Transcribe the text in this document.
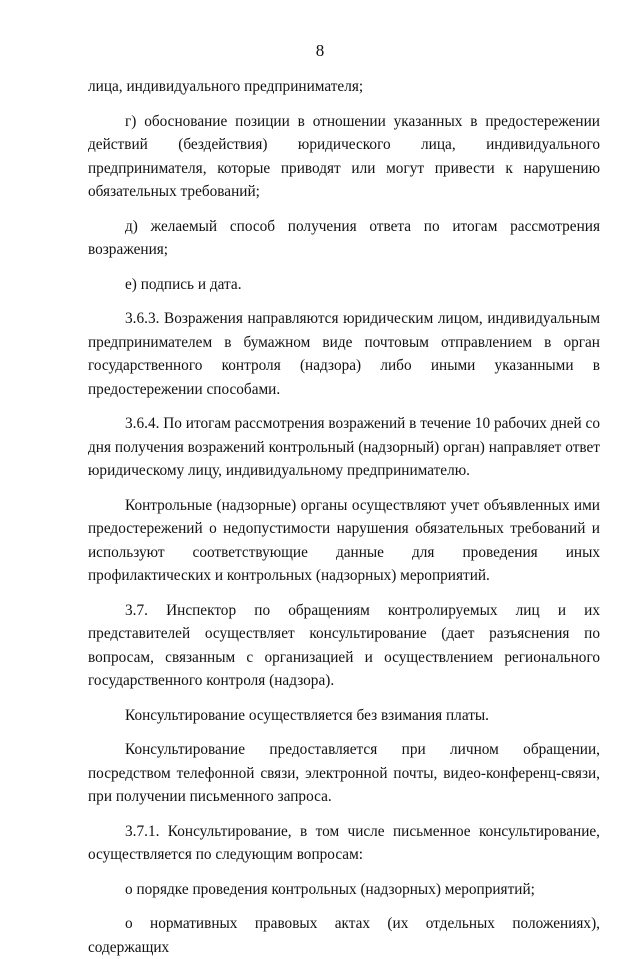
8

лица, индивидуального предпринимателя;

г) обоснование позиции в отношении указанных в предостережении действий (бездействия) юридического лица, индивидуального предпринимателя, которые приводят или могут привести к нарушению обязательных требований;

д) желаемый способ получения ответа по итогам рассмотрения возражения;

е) подпись и дата.

3.6.3. Возражения направляются юридическим лицом, индивидуальным предпринимателем в бумажном виде почтовым отправлением в орган государственного контроля (надзора) либо иными указанными в предостережении способами.

3.6.4. По итогам рассмотрения возражений в течение 10 рабочих дней со дня получения возражений контрольный (надзорный) орган) направляет ответ юридическому лицу, индивидуальному предпринимателю.

Контрольные (надзорные) органы осуществляют учет объявленных ими предостережений о недопустимости нарушения обязательных требований и используют соответствующие данные для проведения иных профилактических и контрольных (надзорных) мероприятий.

3.7. Инспектор по обращениям контролируемых лиц и их представителей осуществляет консультирование (дает разъяснения по вопросам, связанным с организацией и осуществлением регионального государственного контроля (надзора).

Консультирование осуществляется без взимания платы.

Консультирование предоставляется при личном обращении, посредством телефонной связи, электронной почты, видео-конференц-связи, при получении письменного запроса.

3.7.1. Консультирование, в том числе письменное консультирование, осуществляется по следующим вопросам:

о порядке проведения контрольных (надзорных) мероприятий;

о нормативных правовых актах (их отдельных положениях), содержащих
